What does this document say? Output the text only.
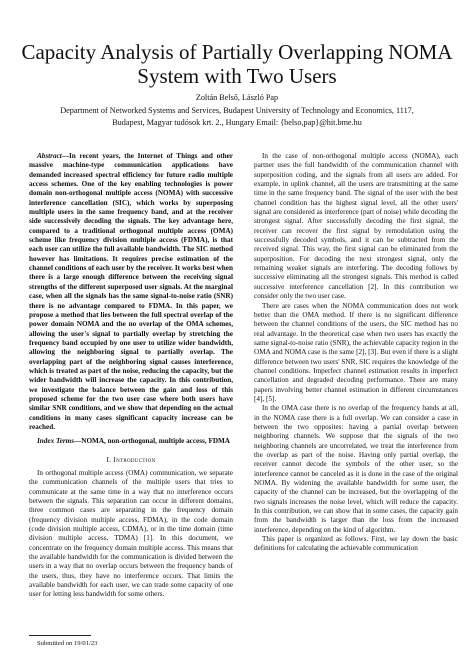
Capacity Analysis of Partially Overlapping NOMA System with Two Users
Zoltán Belső, László Pap
Department of Networked Systems and Services, Budapest University of Technology and Economics, 1117,
Budapest, Magyar tudósok krt. 2., Hungary Email: {belso,pap}@hit.bme.hu

Abstract—In recent years, the Internet of Things and other massive machine-type communication applications have demanded increased spectral efficiency for future radio multiple access schemes. One of the key enabling technologies is power domain non-orthogonal multiple access (NOMA) with successive interference cancellation (SIC), which works by superposing multiple users in the same frequency band, and at the receiver side successively decoding the signals. The key advantage here, compared to a traditional orthogonal multiple access (OMA) scheme like frequency division multiple access (FDMA), is that each user can utilize the full available bandwidth. The SIC method however has limitations. It requires precise estimation of the channel conditions of each user by the receiver. It works best when there is a large enough difference between the receiving signal strengths of the different superposed user signals. At the marginal case, when all the signals has the same signal-to-noise ratio (SNR) there is no advantage compared to FDMA. In this paper, we propose a method that lies between the full spectral overlap of the power domain NOMA and the no overlap of the OMA schemes, allowing the user's signal to partially overlap by stretching the frequency band occupied by one user to utilize wider bandwidth, allowing the neighboring signal to partially overlap. The overlapping part of the neighboring signal causes interference, which is treated as part of the noise, reducing the capacity, but the wider bandwidth will increase the capacity. In this contribution, we investigate the balance between the gain and loss of this proposed scheme for the two user case where both users have similar SNR conditions, and we show that depending on the actual conditions in many cases significant capacity increase can be reached.

Index Terms—NOMA, non-orthogonal, multiple access, FDMA

I. Introduction

In orthogonal multiple access (OMA) communication, we separate the communication channels of the multiple users that tries to communicate at the same time in a way that no interference occurs between the signals. This separation can occur in different domains, three common cases are separating in the frequency domain (frequency division multiple access, FDMA), in the code domain (code division multiple access, CDMA), or in the time domain (time division multiple access, TDMA) [1]. In this document, we concentrate on the frequency domain multiple access. This means that the available bandwidth for the communication is divided between the users in a way that no overlap occurs between the frequency bands of the users, thus, they have no interference occurs. That limits the available bandwidth for each user, we can trade some capacity of one user for letting less bandwidth for some others.

In the case of non-orthogonal multiple access (NOMA), each partner uses the full bandwidth of the communication channel with superposition coding, and the signals from all users are added. For example, in uplink channel, all the users are transmitting at the same time in the same frequency band. The signal of the user with the best channel condition has the highest signal level, all the other users' signal are considered as interference (part of noise) while decoding the strongest signal. After successfully decoding the first signal, the receiver can recover the first signal by remodulation using the successfully decoded symbols, and it can be subtracted from the received signal. This way, the first signal can be eliminated from the superposition. For decoding the next strongest signal, only the remaining weaker signals are interfering. The decoding follows by successive eliminating all the strongest signals. This method is called successive interference cancellation [2]. In this contribution we consider only the two user case.

There are cases when the NOMA communication does not work better than the OMA method. If there is no significant difference between the channel conditions of the users, the SIC method has no real advantage. In the theoretical case when two users has exactly the same signal-to-noise ratio (SNR), the achievable capacity region in the OMA and NOMA case is the same [2], [3]. But even if there is a slight difference between two users' SNR, SIC requires the knowledge of the channel conditions. Imperfect channel estimation results in imperfect cancellation and degraded decoding performance. There are many papers involving better channel estimation in different circumstances [4], [5].

In the OMA case there is no overlap of the frequency bands at all, in the NOMA case there is a full overlap. We can consider a case in between the two opposites: having a partial overlap between neighboring channels. We suppose that the signals of the two neighboring channels are uncorrelated, we treat the interference from the overlap as part of the noise. Having only partial overlap, the receiver cannot decode the symbols of the other user, so the interference cannot be canceled as it is done in the case of the original NOMA. By widening the available bandwidth for some user, the capacity of the channel can be increased, but the overlapping of the two signals increases the noise level, which will reduce the capacity. In this contribution, we can show that in some cases, the capacity gain from the bandwidth is larger than the loss from the increased interference, depending on the kind of algorithm.

This paper is organized as follows. First, we lay down the basic definitions for calculating the achievable communication

Submitted on 19/01/23
